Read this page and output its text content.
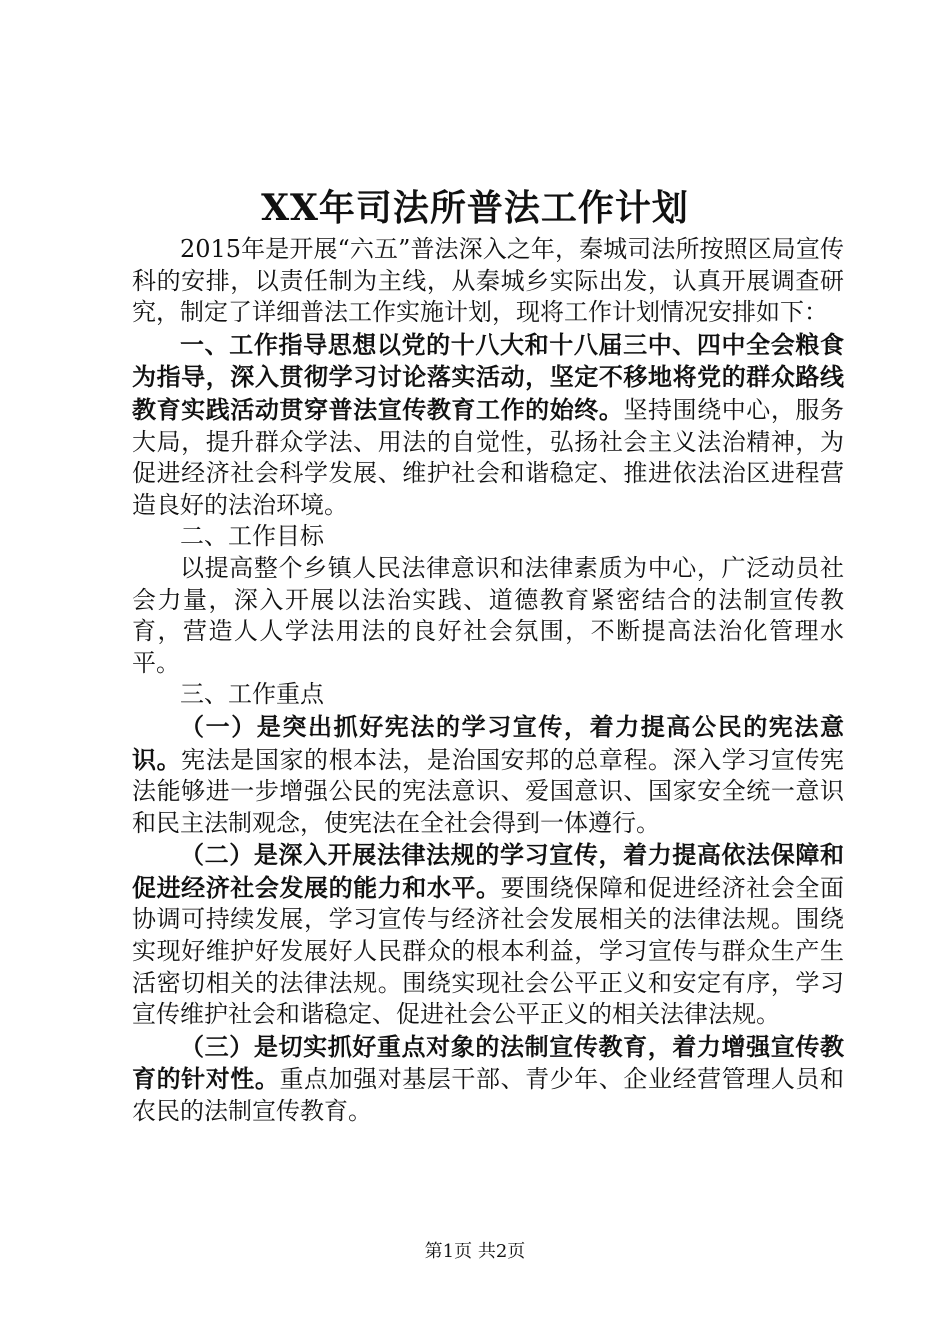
XX年司法所普法工作计划

2015年是开展“六五”普法深入之年，秦城司法所按照区局宣传科的安排，以责任制为主线，从秦城乡实际出发，认真开展调查研究，制定了详细普法工作实施计划，现将工作计划情况安排如下：

一、工作指导思想以党的十八大和十八届三中、四中全会粮食为指导，深入贯彻学习讨论落实活动，坚定不移地将党的群众路线教育实践活动贯穿普法宣传教育工作的始终。坚持围绕中心，服务大局，提升群众学法、用法的自觉性，弘扬社会主义法治精神，为促进经济社会科学发展、维护社会和谐稳定、推进依法治区进程营造良好的法治环境。

二、工作目标

以提高整个乡镇人民法律意识和法律素质为中心，广泛动员社会力量，深入开展以法治实践、道德教育紧密结合的法制宣传教育，营造人人学法用法的良好社会氛围，不断提高法治化管理水平。

三、工作重点

（一）是突出抓好宪法的学习宣传，着力提高公民的宪法意识。宪法是国家的根本法，是治国安邦的总章程。深入学习宣传宪法能够进一步增强公民的宪法意识、爱国意识、国家安全统一意识和民主法制观念，使宪法在全社会得到一体遵行。

（二）是深入开展法律法规的学习宣传，着力提高依法保障和促进经济社会发展的能力和水平。要围绕保障和促进经济社会全面协调可持续发展，学习宣传与经济社会发展相关的法律法规。围绕实现好维护好发展好人民群众的根本利益，学习宣传与群众生产生活密切相关的法律法规。围绕实现社会公平正义和安定有序，学习宣传维护社会和谐稳定、促进社会公平正义的相关法律法规。

（三）是切实抓好重点对象的法制宣传教育，着力增强宣传教育的针对性。重点加强对基层干部、青少年、企业经营管理人员和农民的法制宣传教育。

第1页 共2页
